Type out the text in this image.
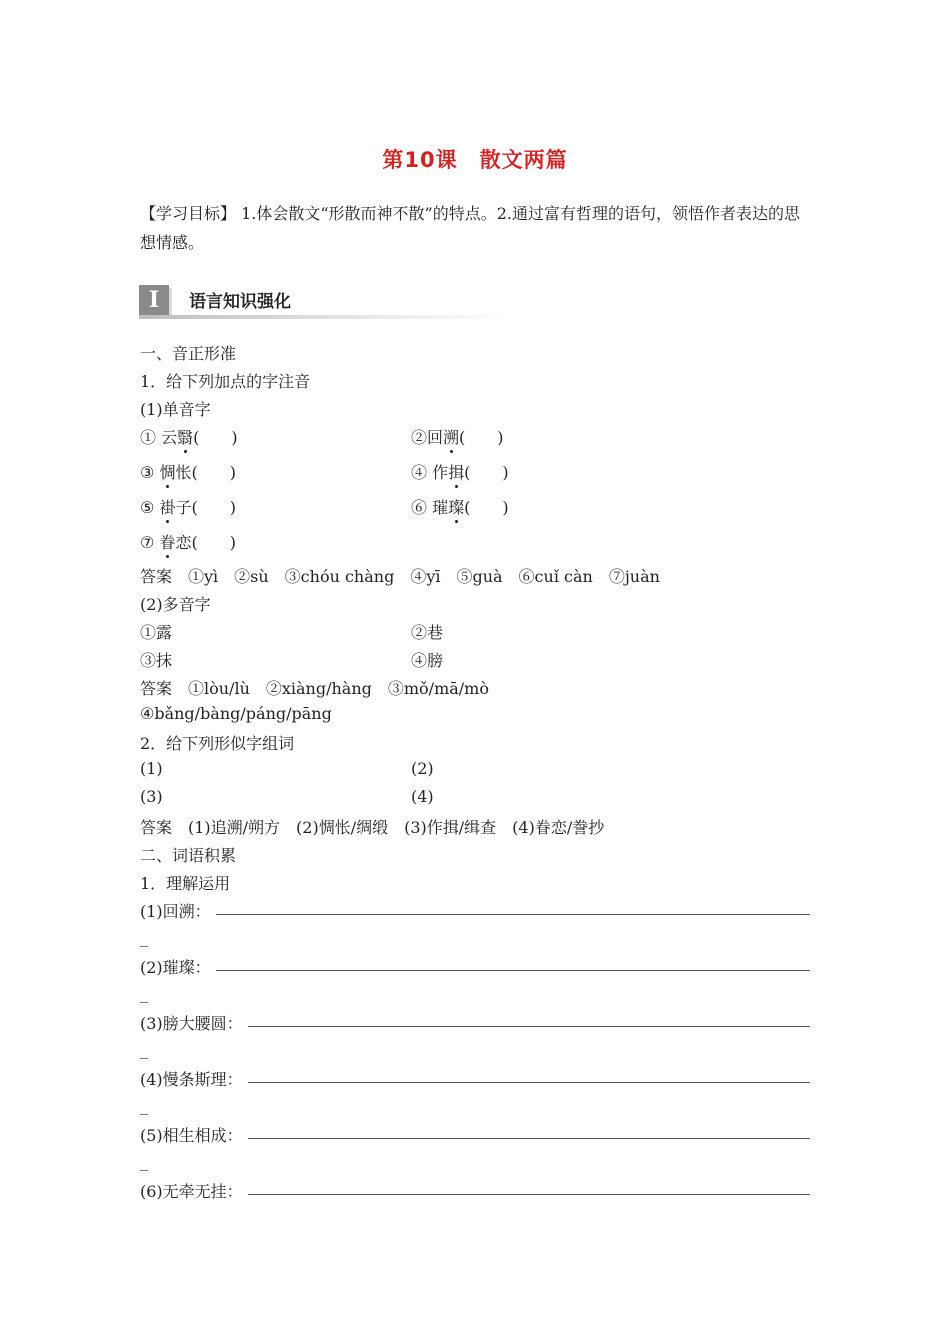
第10课　散文两篇
【学习目标】 1.体会散文“形散而神不散”的特点。2.通过富有哲理的语句，领悟作者表达的思想情感。
I	语言知识强化
一、音正形准
1．给下列加点的字注音
(1)单音字
① 云翳(　　)	②回溯(　　)
③ 惆怅(　　)	④ 作揖(　　)
⑤ 褂子(　　)	⑥ 璀璨(　　)
⑦ 眷恋(　　)
答案　①yì　②sù　③chóu chàng　④yī　⑤guà　⑥cuǐ càn　⑦juàn
(2)多音字
①露	②巷
③抹	④膀
答案　①lòu/lù　②xiàng/hàng　③mǒ/mā/mò
④bǎng/bàng/páng/pāng
2．给下列形似字组词
(1)	(2)
(3)	(4)
答案　(1)追溯/朔方　(2)惆怅/绸缎　(3)作揖/缉查　(4)眷恋/誊抄
二、词语积累
1．理解运用
(1)回溯：
_
(2)璀璨：
_
(3)膀大腰圆：
_
(4)慢条斯理：
_
(5)相生相成：
_
(6)无牵无挂：
